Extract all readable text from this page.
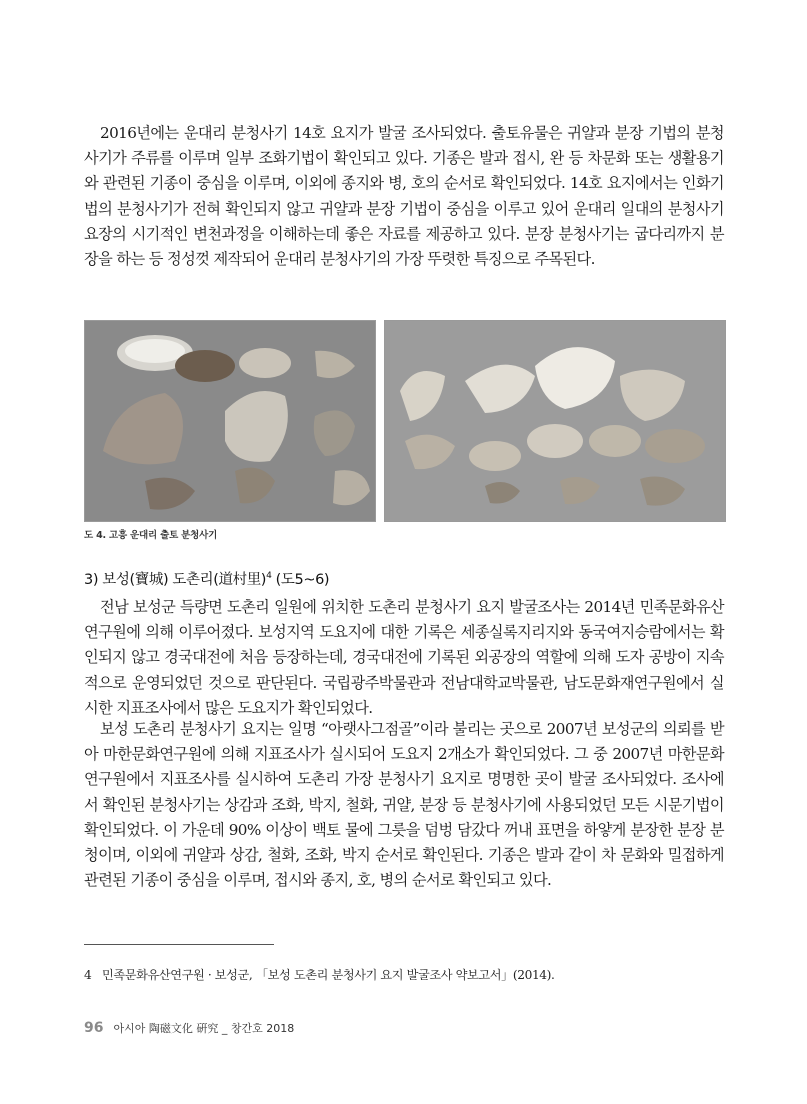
2016년에는 운대리 분청사기 14호 요지가 발굴 조사되었다. 출토유물은 귀얄과 분장 기법의 분청사기가 주류를 이루며 일부 조화기법이 확인되고 있다. 기종은 발과 접시, 완 등 차문화 또는 생활용기와 관련된 기종이 중심을 이루며, 이외에 종지와 병, 호의 순서로 확인되었다. 14호 요지에서는 인화기법의 분청사기가 전혀 확인되지 않고 귀얄과 분장 기법이 중심을 이루고 있어 운대리 일대의 분청사기 요장의 시기적인 변천과정을 이해하는데 좋은 자료를 제공하고 있다. 분장 분청사기는 굽다리까지 분장을 하는 등 정성껏 제작되어 운대리 분청사기의 가장 뚜렷한 특징으로 주목된다.

도 4. 고흥 운대리 출토 분청사기
3) 보성(寶城) 도촌리(道村里)$^4$ (도5~6)

전남 보성군 득량면 도촌리 일원에 위치한 도촌리 분청사기 요지 발굴조사는 2014년 민족문화유산연구원에 의해 이루어졌다. 보성지역 도요지에 대한 기록은 세종실록지리지와 동국여지승람에서는 확인되지 않고 경국대전에 처음 등장하는데, 경국대전에 기록된 외공장의 역할에 의해 도자 공방이 지속적으로 운영되었던 것으로 판단된다. 국립광주박물관과 전남대학교박물관, 남도문화재연구원에서 실시한 지표조사에서 많은 도요지가 확인되었다.

보성 도촌리 분청사기 요지는 일명 “아랫사그점골”이라 불리는 곳으로 2007년 보성군의 의뢰를 받아 마한문화연구원에 의해 지표조사가 실시되어 도요지 2개소가 확인되었다. 그 중 2007년 마한문화연구원에서 지표조사를 실시하여 도촌리 가장 분청사기 요지로 명명한 곳이 발굴 조사되었다. 조사에서 확인된 분청사기는 상감과 조화, 박지, 철화, 귀얄, 분장 등 분청사기에 사용되었던 모든 시문기법이 확인되었다. 이 가운데 90% 이상이 백토 물에 그릇을 덤벙 담갔다 꺼내 표면을 하얗게 분장한 분장 분청이며, 이외에 귀얄과 상감, 철화, 조화, 박지 순서로 확인된다. 기종은 발과 같이 차 문화와 밀접하게 관련된 기종이 중심을 이루며, 접시와 종지, 호, 병의 순서로 확인되고 있다.

4 민족문화유산연구원 · 보성군, 「보성 도촌리 분청사기 요지 발굴조사 약보고서」(2014).
96 아시아 陶磁文化 硏究 _ 창간호 2018
